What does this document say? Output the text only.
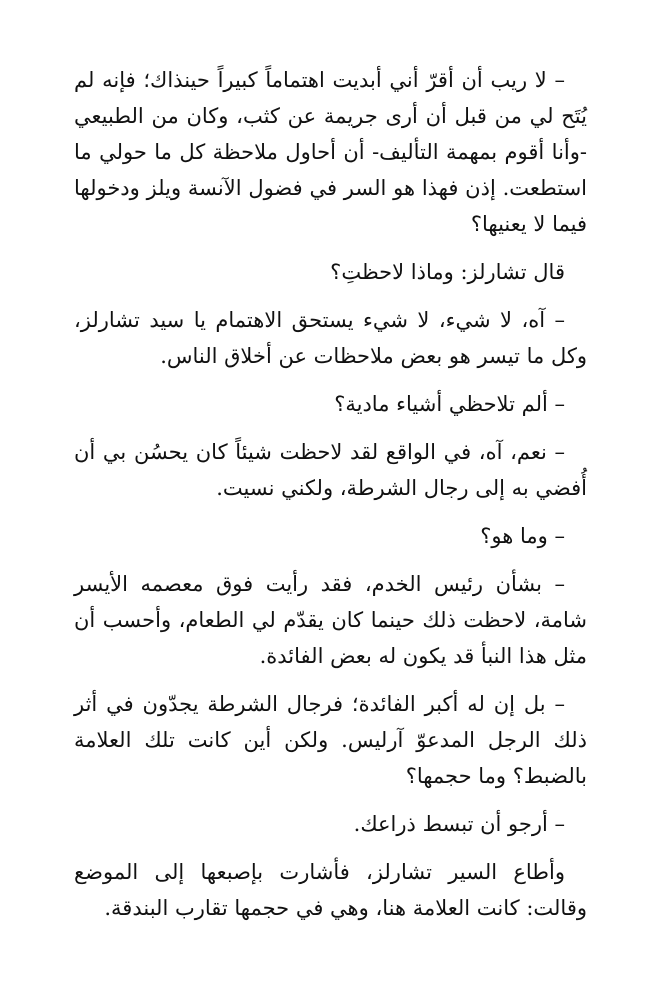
– لا ريب أن أقرّ أني أبديت اهتماماً كبيراً حينذاك؛ فإنه لم يُتَح لي من قبل أن أرى جريمة عن كثب، وكان من الطبيعي -وأنا أقوم بمهمة التأليف- أن أحاول ملاحظة كل ما حولي ما استطعت. إذن فهذا هو السر في فضول الآنسة ويلز ودخولها فيما لا يعنيها؟

قال تشارلز: وماذا لاحظتِ؟

– آه، لا شيء، لا شيء يستحق الاهتمام يا سيد تشارلز، وكل ما تيسر هو بعض ملاحظات عن أخلاق الناس.

– ألم تلاحظي أشياء مادية؟

– نعم، آه، في الواقع لقد لاحظت شيئاً كان يحسُن بي أن أُفضي به إلى رجال الشرطة، ولكني نسيت.

– وما هو؟

– بشأن رئيس الخدم، فقد رأيت فوق معصمه الأيسر شامة، لاحظت ذلك حينما كان يقدّم لي الطعام، وأحسب أن مثل هذا النبأ قد يكون له بعض الفائدة.

– بل إن له أكبر الفائدة؛ فرجال الشرطة يجدّون في أثر ذلك الرجل المدعوّ آرليس. ولكن أين كانت تلك العلامة بالضبط؟ وما حجمها؟

– أرجو أن تبسط ذراعك.

وأطاع السير تشارلز، فأشارت بإصبعها إلى الموضع وقالت: كانت العلامة هنا، وهي في حجمها تقارب البندقة.
